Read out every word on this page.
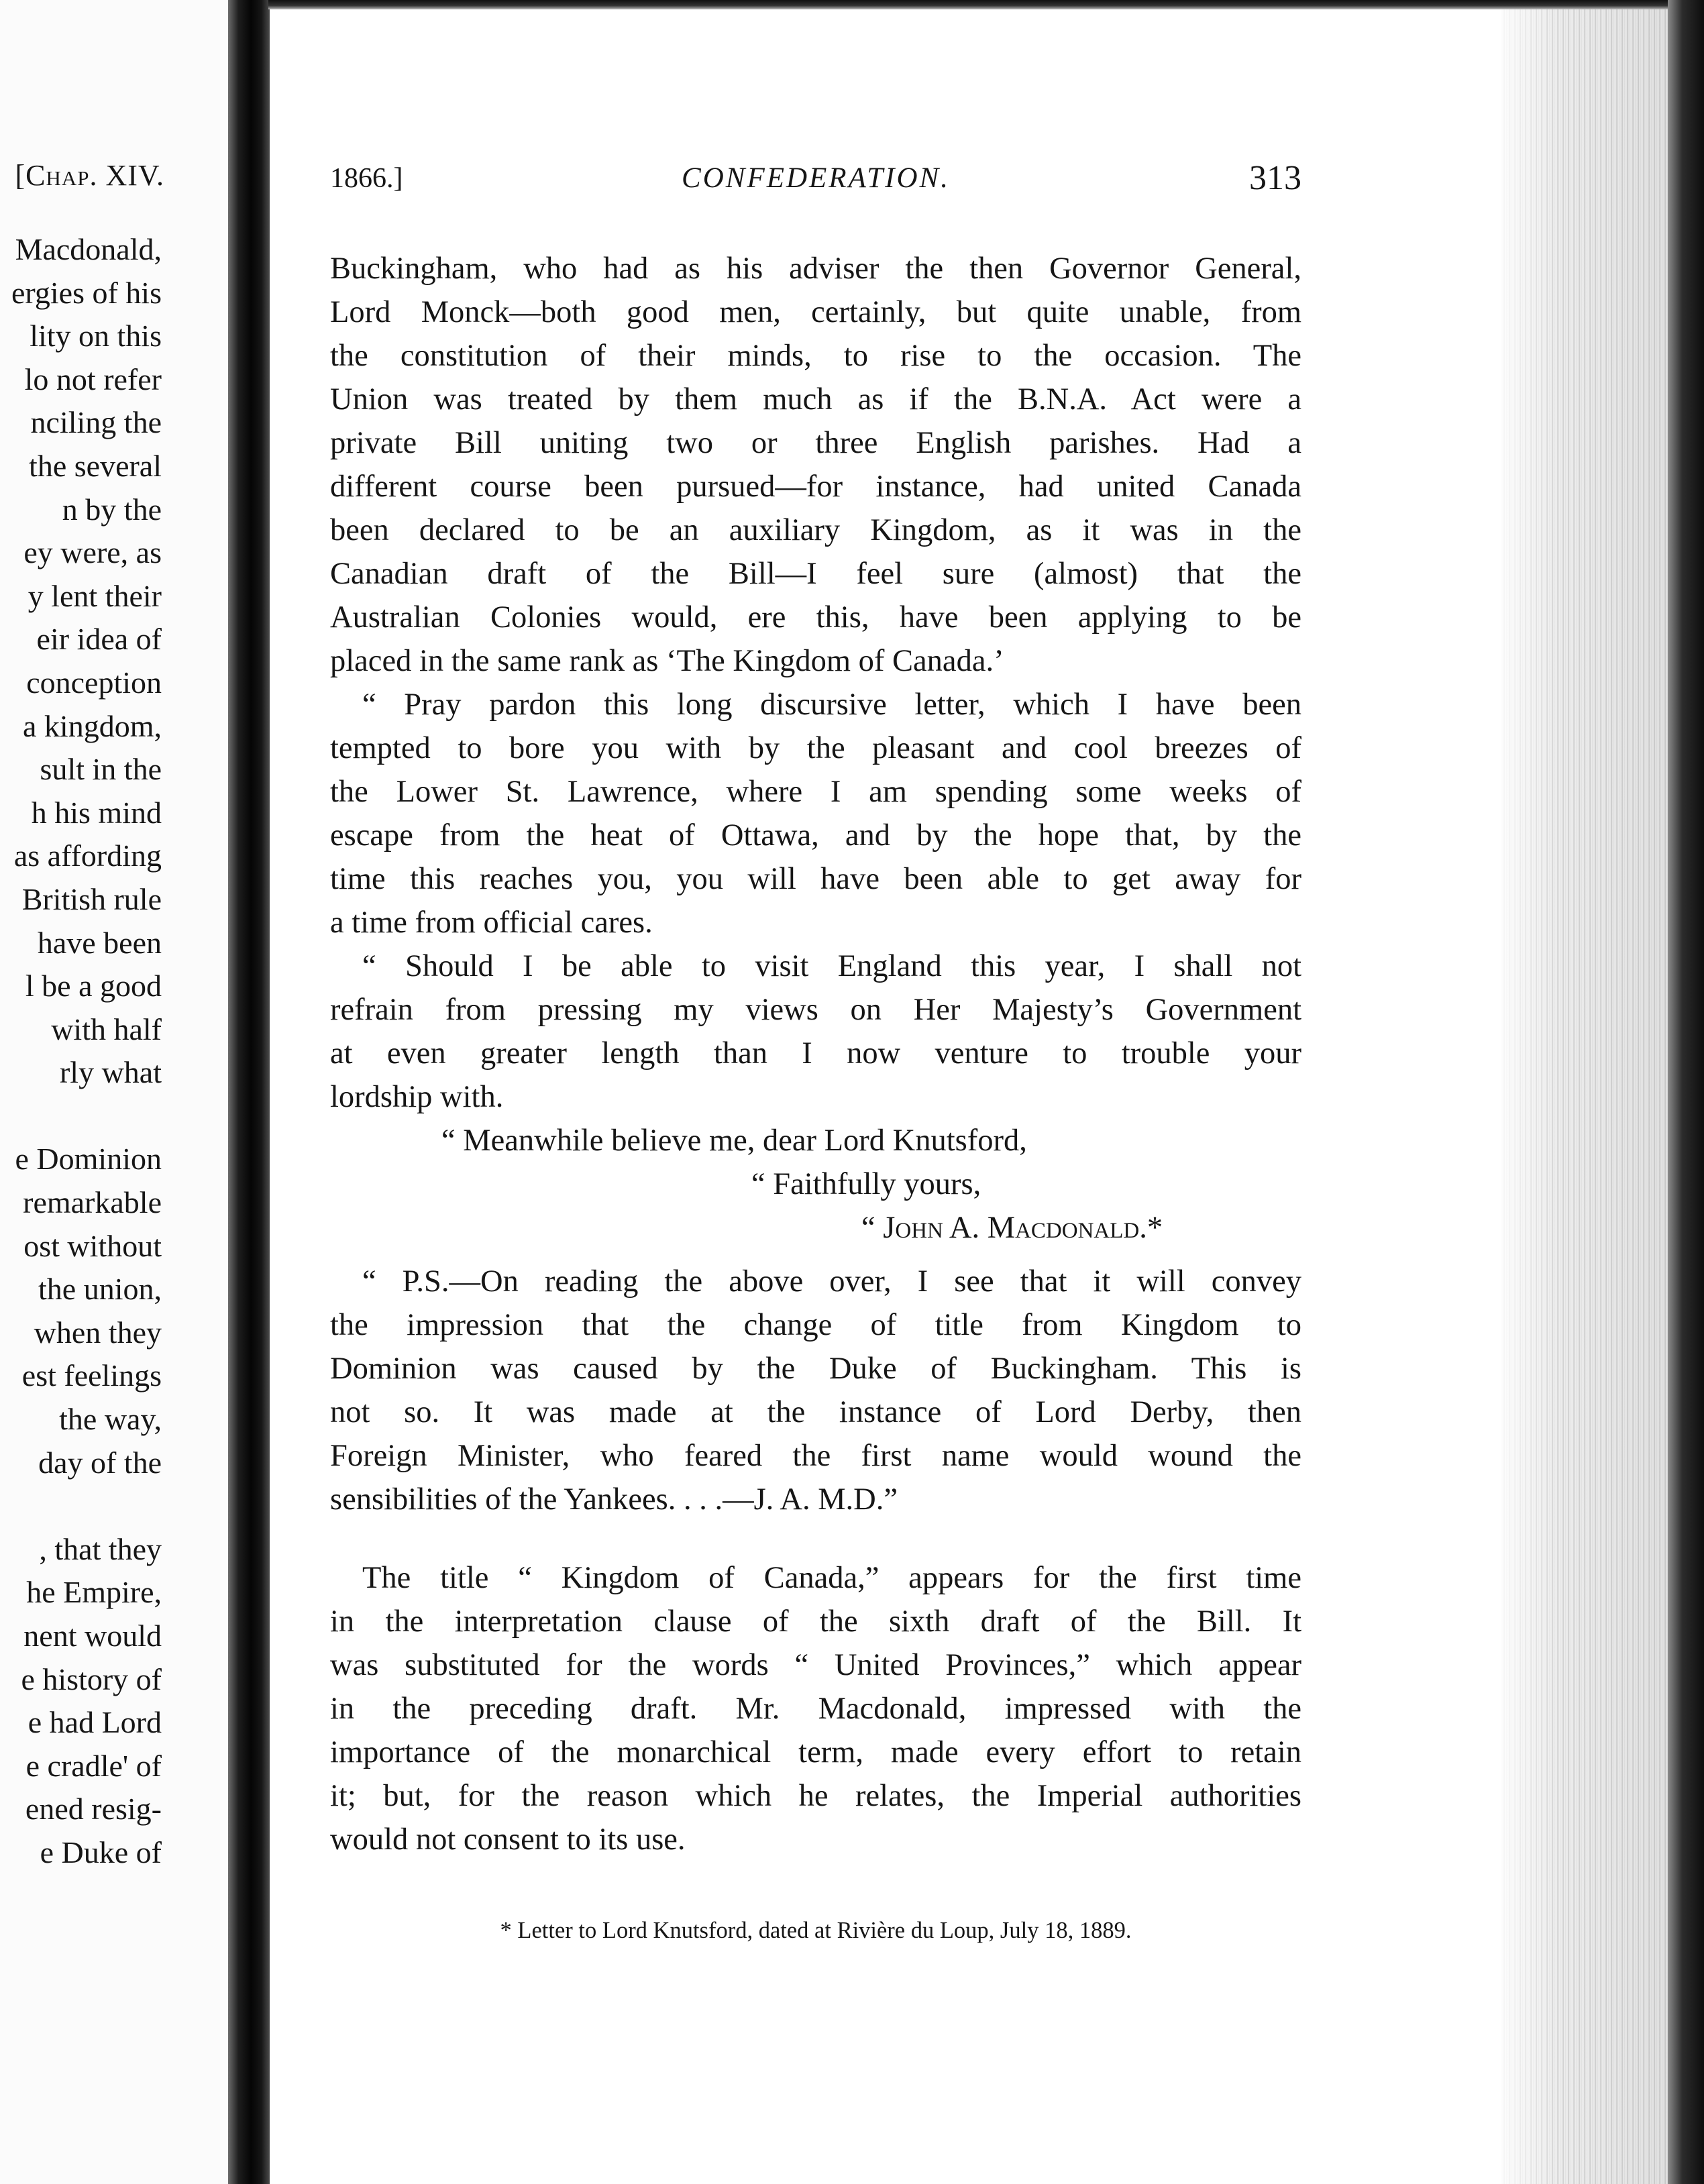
[Chap. XIV.
Macdonald,
ergies of his
lity on this
lo not refer
nciling the
the several
n by the
ey were, as
y lent their
eir idea of
conception
a kingdom,
sult in the
h his mind
as affording
British rule
have been
l be a good
with half
rly what
e Dominion
remarkable
ost without
the union,
when they
est feelings
the way,
day of the
, that they
he Empire,
nent would
e history of
e had Lord
e cradle' of
ened resig-
e Duke of
1866.]	CONFEDERATION.	313
Buckingham, who had as his adviser the then Governor General,
Lord Monck—both good men, certainly, but quite unable, from
the constitution of their minds, to rise to the occasion. The
Union was treated by them much as if the B.N.A. Act were a
private Bill uniting two or three English parishes. Had a
different course been pursued—for instance, had united Canada
been declared to be an auxiliary Kingdom, as it was in the
Canadian draft of the Bill—I feel sure (almost) that the
Australian Colonies would, ere this, have been applying to be
placed in the same rank as ‘The Kingdom of Canada.’
“ Pray pardon this long discursive letter, which I have been
tempted to bore you with by the pleasant and cool breezes of
the Lower St. Lawrence, where I am spending some weeks of
escape from the heat of Ottawa, and by the hope that, by the
time this reaches you, you will have been able to get away for
a time from official cares.
“ Should I be able to visit England this year, I shall not
refrain from pressing my views on Her Majesty’s Government
at even greater length than I now venture to trouble your
lordship with.
“ Meanwhile believe me, dear Lord Knutsford,
“ Faithfully yours,
“ John A. Macdonald.*
“ P.S.—On reading the above over, I see that it will convey
the impression that the change of title from Kingdom to
Dominion was caused by the Duke of Buckingham. This is
not so. It was made at the instance of Lord Derby, then
Foreign Minister, who feared the first name would wound the
sensibilities of the Yankees. . . .—J. A. M.D.”
The title “ Kingdom of Canada,” appears for the first time
in the interpretation clause of the sixth draft of the Bill. It
was substituted for the words “ United Provinces,” which appear
in the preceding draft. Mr. Macdonald, impressed with the
importance of the monarchical term, made every effort to retain
it; but, for the reason which he relates, the Imperial authorities
would not consent to its use.
* Letter to Lord Knutsford, dated at Rivière du Loup, July 18, 1889.
